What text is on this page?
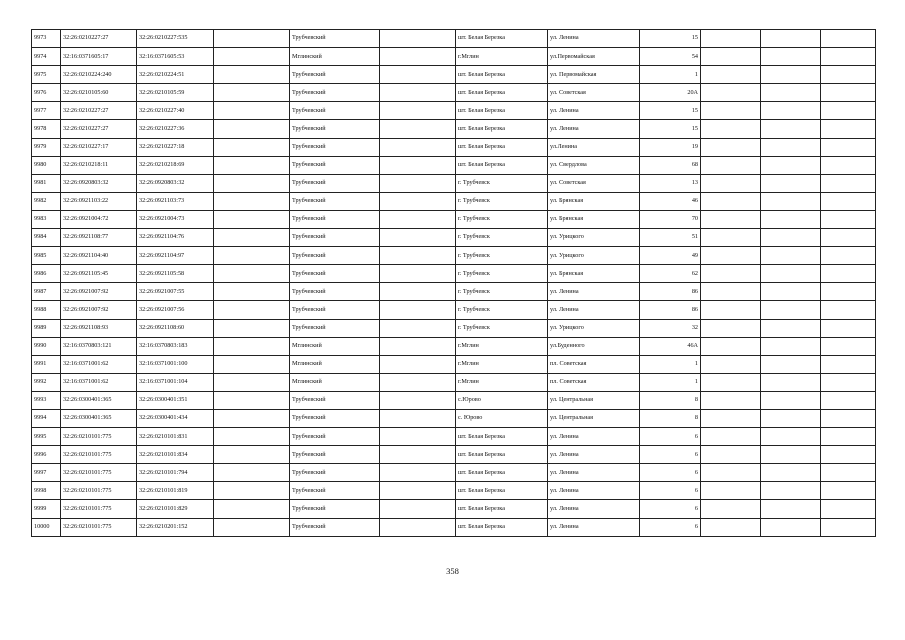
9973	32:26:0210227:27	32:26:0210227:535		Трубчевский		шт. Белая Березка	ул. Ленина	15			
9974	32:16:0371605:17	32:16:0371605:53		Мглинский		г.Мглин	ул.Первомайская	54			
9975	32:26:0210224:240	32:26:0210224:51		Трубчевский		шт. Белая Березка	ул. Первомайская	1			
9976	32:26:0210105:60	32:26:0210105:59		Трубчевский		шт. Белая Березка	ул. Советская	20А			
9977	32:26:0210227:27	32:26:0210227:40		Трубчевский		шт. Белая Березка	ул. Ленина	15			
9978	32:26:0210227:27	32:26:0210227:36		Трубчевский		шт. Белая Березка	ул. Ленина	15			
9979	32:26:0210227:17	32:26:0210227:18		Трубчевский		шт. Белая Березка	ул.Ленина	19			
9980	32:26:0210218:11	32:26:0210218:69		Трубчевский		шт. Белая Березка	ул. Свердлова	68			
9981	32:26:0920803:32	32:26:0920803:32		Трубчевский		г. Трубчевск	ул. Советская	13			
9982	32:26:0921103:22	32:26:0921103:73		Трубчевский		г. Трубчевск	ул. Брянская	46			
9983	32:26:0921004:72	32:26:0921004:73		Трубчевский		г. Трубчевск	ул. Брянская	70			
9984	32:26:0921108:77	32:26:0921104:76		Трубчевский		г. Трубчевск	ул. Урицкого	51			
9985	32:26:0921104:40	32:26:0921104:97		Трубчевский		г. Трубчевск	ул. Урицкого	49			
9986	32:26:0921105:45	32:26:0921105:58		Трубчевский		г. Трубчевск	ул. Брянская	62			
9987	32:26:0921007:92	32:26:0921007:55		Трубчевский		г. Трубчевск	ул. Ленина	86			
9988	32:26:0921007:92	32:26:0921007:56		Трубчевский		г. Трубчевск	ул. Ленина	86			
9989	32:26:0921108:93	32:26:0921108:60		Трубчевский		г. Трубчевск	ул. Урицкого	32			
9990	32:16:0370803:121	32:16:0370803:183		Мглинский		г.Мглин	ул.Буденного	46А			
9991	32:16:0371001:62	32:16:0371001:100		Мглинский		г.Мглин	пл. Советская	1			
9992	32:16:0371001:62	32:16:0371001:104		Мглинский		г.Мглин	пл. Советская	1			
9993	32:26:0300401:365	32:26:0300401:351		Трубчевский		с.Юрово	ул. Центральная	8			
9994	32:26:0300401:365	32:26:0300401:434		Трубчевский		с. Юрово	ул. Центральная	8			
9995	32:26:0210101:775	32:26:0210101:831		Трубчевский		шт. Белая Березка	ул. Ленина	6			
9996	32:26:0210101:775	32:26:0210101:834		Трубчевский		шт. Белая Березка	ул. Ленина	6			
9997	32:26:0210101:775	32:26:0210101:794		Трубчевский		шт. Белая Березка	ул. Ленина	6			
9998	32:26:0210101:775	32:26:0210101:819		Трубчевский		шт. Белая Березка	ул. Ленина	6			
9999	32:26:0210101:775	32:26:0210101:829		Трубчевский		шт. Белая Березка	ул. Ленина	6			
10000	32:26:0210101:775	32:26:0210201:152		Трубчевский		шт. Белая Березка	ул. Ленина	6			
358
